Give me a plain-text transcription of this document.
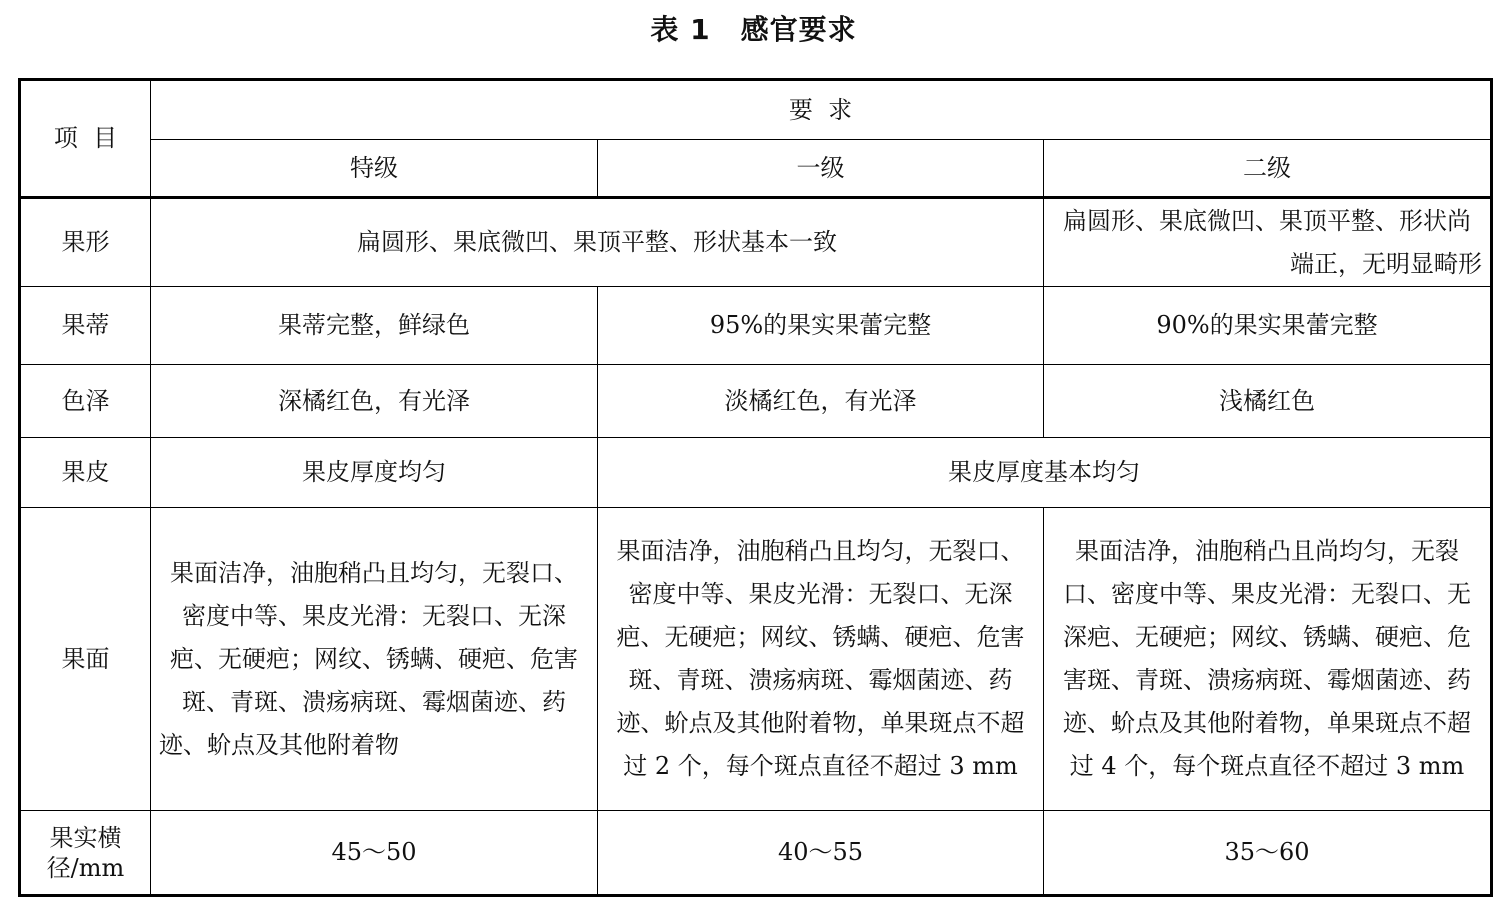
表 1 感官要求
项  目	要  求		
	特级	一级	二级
果形	扁圆形、果底微凹、果顶平整、形状基本一致		扁圆形、果底微凹、果顶平整、形状尚端正，无明显畸形
果蒂	果蒂完整，鲜绿色	95%的果实果蕾完整	90%的果实果蕾完整
色泽	深橘红色，有光泽	淡橘红色，有光泽	浅橘红色
果皮	果皮厚度均匀	果皮厚度基本均匀	
果面	果面洁净，油胞稍凸且均匀，无裂口、密度中等、果皮光滑：无裂口、无深疤、无硬疤；网纹、锈螨、硬疤、危害斑、青斑、溃疡病斑、霉烟菌迹、药迹、蚧点及其他附着物	果面洁净，油胞稍凸且均匀，无裂口、密度中等、果皮光滑：无裂口、无深疤、无硬疤；网纹、锈螨、硬疤、危害斑、青斑、溃疡病斑、霉烟菌迹、药迹、蚧点及其他附着物，单果斑点不超过 2 个，每个斑点直径不超过 3 mm	果面洁净，油胞稍凸且尚均匀，无裂口、密度中等、果皮光滑：无裂口、无深疤、无硬疤；网纹、锈螨、硬疤、危害斑、青斑、溃疡病斑、霉烟菌迹、药迹、蚧点及其他附着物，单果斑点不超过 4 个，每个斑点直径不超过 3 mm
果实横径/mm	45～50	40～55	35～60
